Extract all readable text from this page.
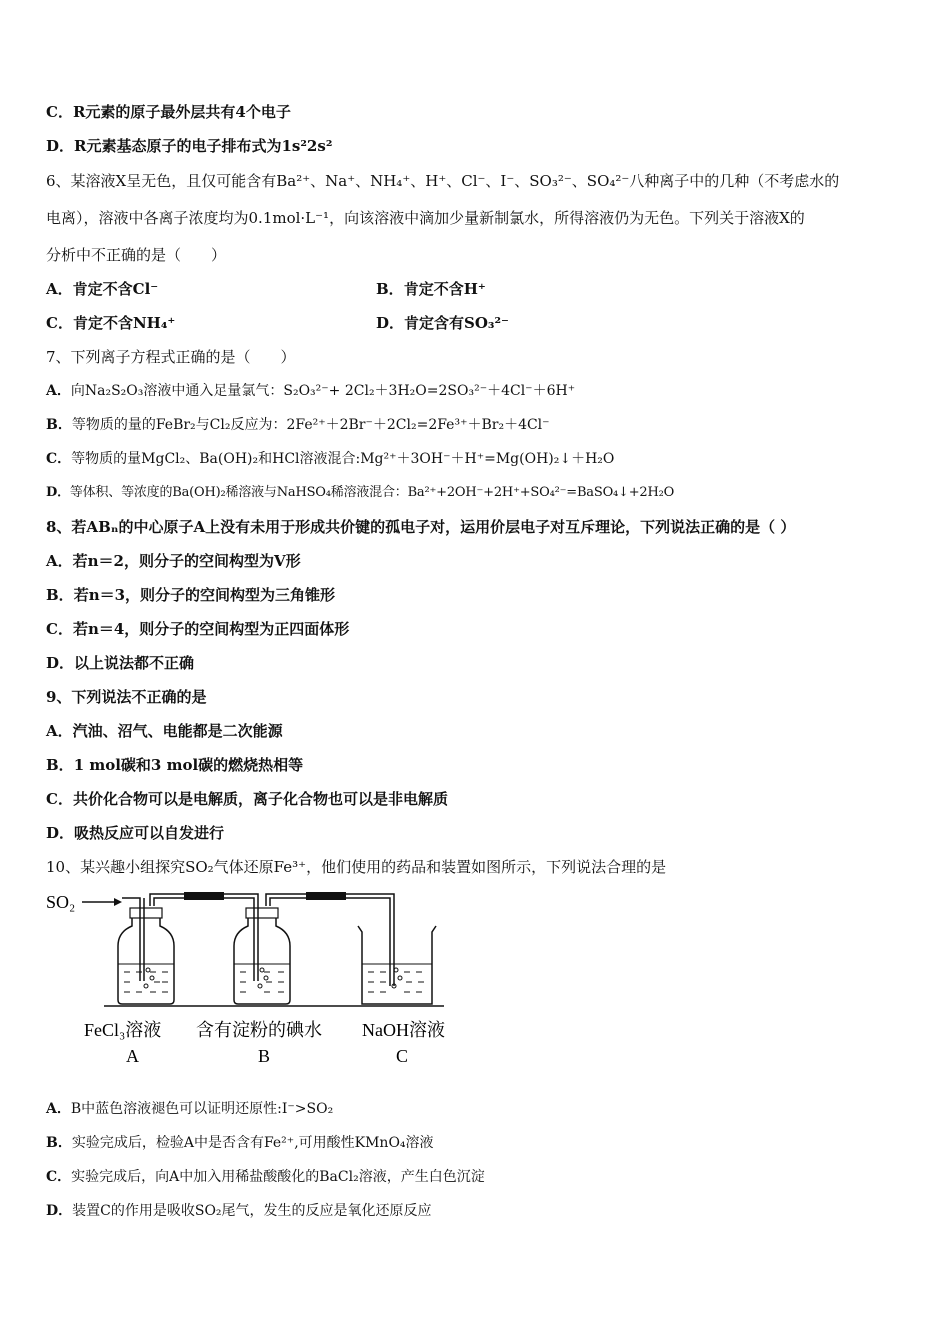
C．R元素的原子最外层共有4个电子
D．R元素基态原子的电子排布式为1s²2s²
6、某溶液X呈无色，且仅可能含有Ba²⁺、Na⁺、NH₄⁺、H⁺、Cl⁻、I⁻、SO₃²⁻、SO₄²⁻八种离子中的几种（不考虑水的
电离），溶液中各离子浓度均为0.1mol·L⁻¹，向该溶液中滴加少量新制氯水，所得溶液仍为无色。下列关于溶液X的
分析中不正确的是（　　）
A．肯定不含Cl⁻	B．肯定不含H⁺
C．肯定不含NH₄⁺	D．肯定含有SO₃²⁻
7、下列离子方程式正确的是（　　）
A．向Na₂S₂O₃溶液中通入足量氯气：S₂O₃²⁻+ 2Cl₂＋3H₂O=2SO₃²⁻＋4Cl⁻＋6H⁺
B．等物质的量的FeBr₂与Cl₂反应为：2Fe²⁺＋2Br⁻＋2Cl₂=2Fe³⁺＋Br₂＋4Cl⁻
C．等物质的量MgCl₂、Ba(OH)₂和HCl溶液混合:Mg²⁺＋3OH⁻＋H⁺=Mg(OH)₂↓＋H₂O
D．等体积、等浓度的Ba(OH)₂稀溶液与NaHSO₄稀溶液混合：Ba²⁺+2OH⁻+2H⁺+SO₄²⁻=BaSO₄↓+2H₂O
8、若ABₙ的中心原子A上没有未用于形成共价键的孤电子对，运用价层电子对互斥理论，下列说法正确的是（ ）
A．若n＝2，则分子的空间构型为V形
B．若n＝3，则分子的空间构型为三角锥形
C．若n＝4，则分子的空间构型为正四面体形
D．以上说法都不正确
9、下列说法不正确的是
A．汽油、沼气、电能都是二次能源
B．1 mol碳和3 mol碳的燃烧热相等
C．共价化合物可以是电解质，离子化合物也可以是非电解质
D．吸热反应可以自发进行
10、某兴趣小组探究SO₂气体还原Fe³⁺，他们使用的药品和装置如图所示，下列说法合理的是
SO₂
FeCl₃溶液 含有淀粉的碘水 NaOH溶液
A	B	C
A．B中蓝色溶液褪色可以证明还原性:I⁻>SO₂
B．实验完成后，检验A中是否含有Fe²⁺,可用酸性KMnO₄溶液
C．实验完成后，向A中加入用稀盐酸酸化的BaCl₂溶液，产生白色沉淀
D．装置C的作用是吸收SO₂尾气，发生的反应是氧化还原反应
